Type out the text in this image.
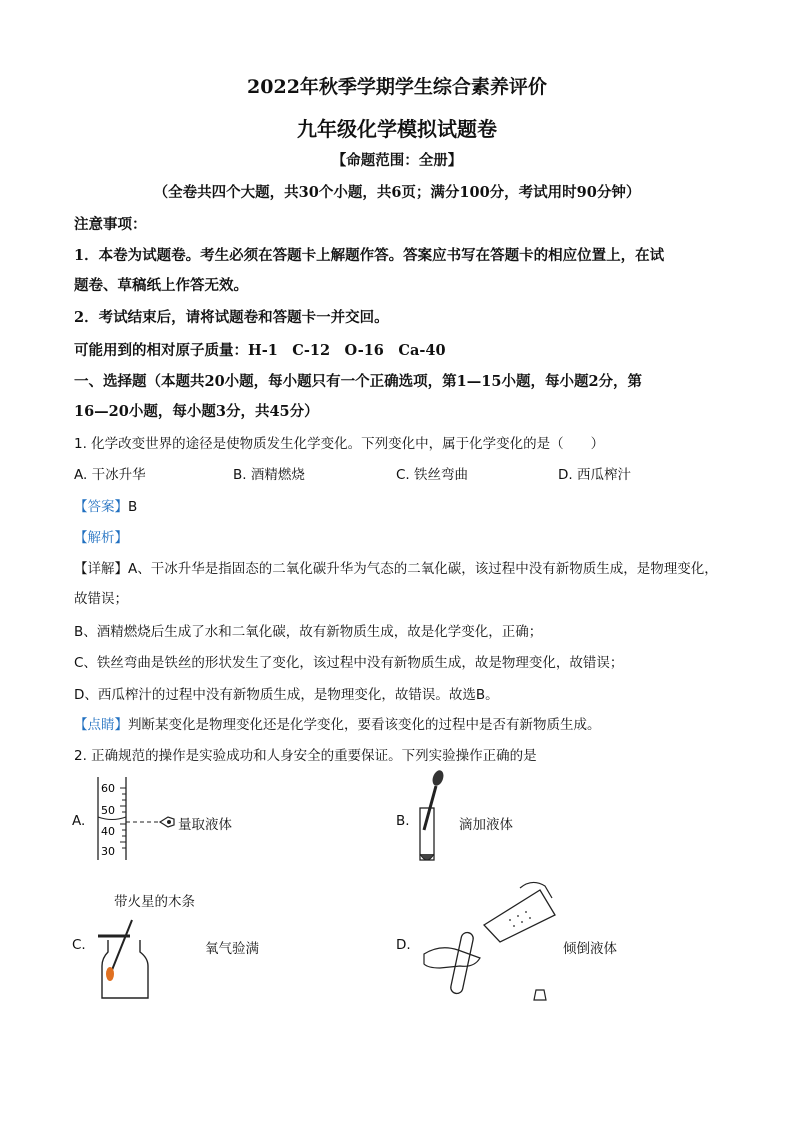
2022年秋季学期学生综合素养评价
九年级化学模拟试题卷
【命题范围：全册】
（全卷共四个大题，共30个小题，共6页；满分100分，考试用时90分钟）
注意事项：
1．本卷为试题卷。考生必须在答题卡上解题作答。答案应书写在答题卡的相应位置上，在试
题卷、草稿纸上作答无效。
2．考试结束后，请将试题卷和答题卡一并交回。
可能用到的相对原子质量：H-1　C-12　O-16　Ca-40
一、选择题（本题共20小题，每小题只有一个正确选项，第1—15小题，每小题2分，第
16—20小题，每小题3分，共45分）
1. 化学改变世界的途径是使物质发生化学变化。下列变化中，属于化学变化的是（　　）
A. 干冰升华	B. 酒精燃烧	C. 铁丝弯曲	D. 西瓜榨汁
【答案】B
【解析】
【详解】A、干冰升华是指固态的二氧化碳升华为气态的二氧化碳，该过程中没有新物质生成，是物理变化，
故错误；
B、酒精燃烧后生成了水和二氧化碳，故有新物质生成，故是化学变化，正确；
C、铁丝弯曲是铁丝的形状发生了变化，该过程中没有新物质生成，故是物理变化，故错误；
D、西瓜榨汁的过程中没有新物质生成，是物理变化，故错误。故选B。
【点睛】判断某变化是物理变化还是化学变化，要看该变化的过程中是否有新物质生成。
2. 正确规范的操作是实验成功和人身安全的重要保证。下列实验操作正确的是
A.
60
50
40
30
量取液体	B.	滴加液体
带火星的木条
C.	氧气验满	D.	倾倒液体
